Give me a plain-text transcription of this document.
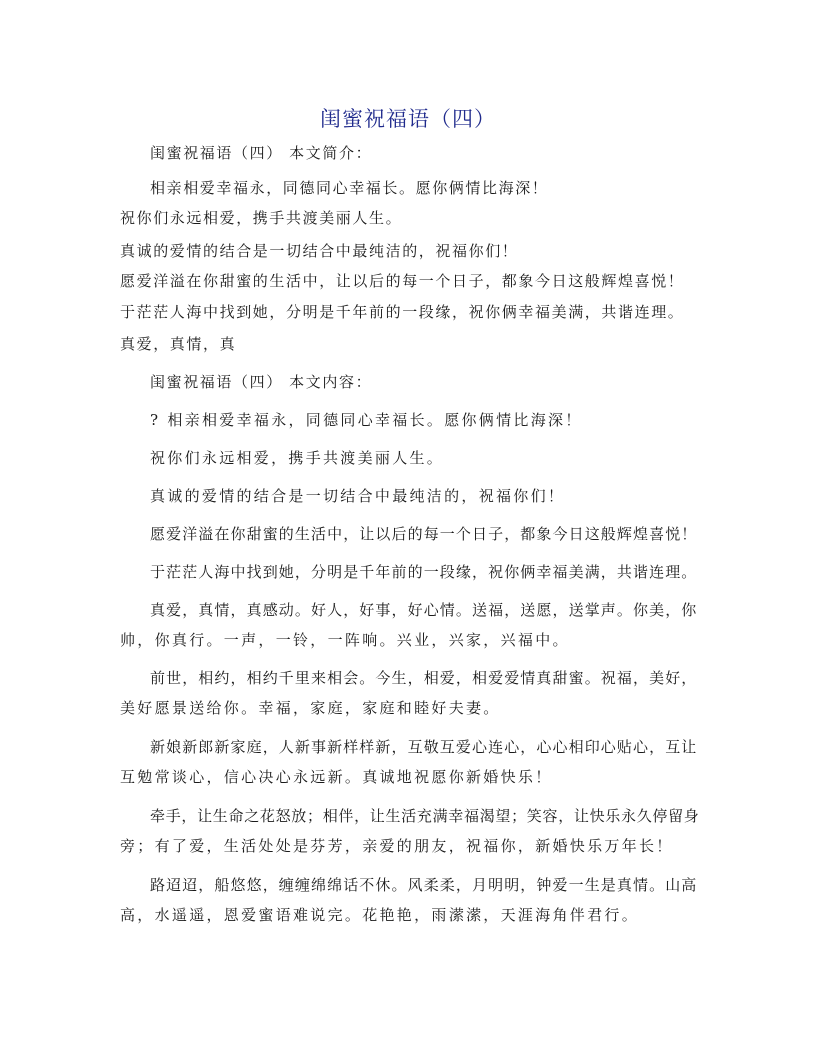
闺蜜祝福语（四）
闺蜜祝福语（四） 本文简介：
相亲相爱幸福永，同德同心幸福长。愿你俩情比海深！
祝你们永远相爱，携手共渡美丽人生。
真诚的爱情的结合是一切结合中最纯洁的，祝福你们！
愿爱洋溢在你甜蜜的生活中，让以后的每一个日子，都象今日这般辉煌喜悦！
于茫茫人海中找到她，分明是千年前的一段缘，祝你俩幸福美满，共谐连理。
真爱，真情，真
闺蜜祝福语（四） 本文内容：
? 相亲相爱幸福永，同德同心幸福长。愿你俩情比海深！
祝你们永远相爱，携手共渡美丽人生。
真诚的爱情的结合是一切结合中最纯洁的，祝福你们！
愿爱洋溢在你甜蜜的生活中，让以后的每一个日子，都象今日这般辉煌喜悦！
于茫茫人海中找到她，分明是千年前的一段缘，祝你俩幸福美满，共谐连理。
真爱，真情，真感动。好人，好事，好心情。送福，送愿，送掌声。你美，你
帅，你真行。一声，一铃，一阵响。兴业，兴家，兴福中。
前世，相约，相约千里来相会。今生，相爱，相爱爱情真甜蜜。祝福，美好，
美好愿景送给你。幸福，家庭，家庭和睦好夫妻。
新娘新郎新家庭，人新事新样样新，互敬互爱心连心，心心相印心贴心，互让
互勉常谈心，信心决心永远新。真诚地祝愿你新婚快乐！
牵手，让生命之花怒放；相伴，让生活充满幸福渴望；笑容，让快乐永久停留身
旁；有了爱，生活处处是芬芳，亲爱的朋友，祝福你，新婚快乐万年长！
路迢迢，船悠悠，缠缠绵绵话不休。风柔柔，月明明，钟爱一生是真情。山高
高，水遥遥，恩爱蜜语难说完。花艳艳，雨潆潆，天涯海角伴君行。
